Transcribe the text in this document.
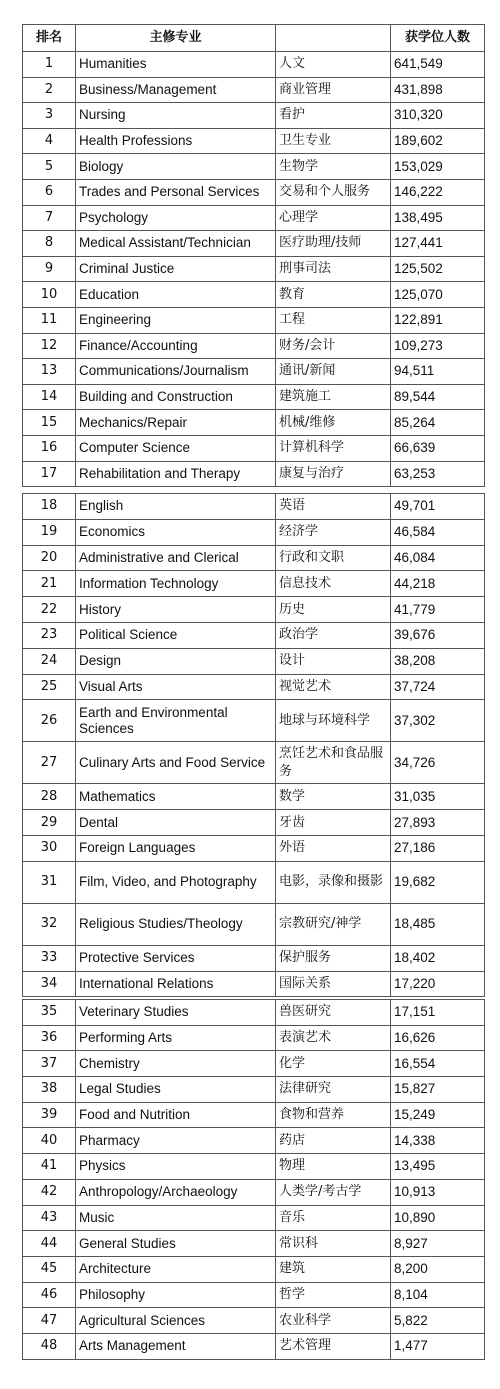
排名	主修专业		获学位人数
1	Humanities	人文	641,549
2	Business/Management	商业管理	431,898
3	Nursing	看护	310,320
4	Health Professions	卫生专业	189,602
5	Biology	生物学	153,029
6	Trades and Personal Services	交易和个人服务	146,222
7	Psychology	心理学	138,495
8	Medical Assistant/Technician	医疗助理/技师	127,441
9	Criminal Justice	刑事司法	125,502
10	Education	教育	125,070
11	Engineering	工程	122,891
12	Finance/Accounting	财务/会计	109,273
13	Communications/Journalism	通讯/新闻	94,511
14	Building and Construction	建筑施工	89,544
15	Mechanics/Repair	机械/维修	85,264
16	Computer Science	计算机科学	66,639
17	Rehabilitation and Therapy	康复与治疗	63,253
18	English	英语	49,701
19	Economics	经济学	46,584
20	Administrative and Clerical	行政和文职	46,084
21	Information Technology	信息技术	44,218
22	History	历史	41,779
23	Political Science	政治学	39,676
24	Design	设计	38,208
25	Visual Arts	视觉艺术	37,724
26	Earth and Environmental Sciences	地球与环境科学	37,302
27	Culinary Arts and Food Service	烹饪艺术和食品服务	34,726
28	Mathematics	数学	31,035
29	Dental	牙齿	27,893
30	Foreign Languages	外语	27,186
31	Film, Video, and Photography	电影，录像和摄影	19,682
32	Religious Studies/Theology	宗教研究/神学	18,485
33	Protective Services	保护服务	18,402
34	International Relations	国际关系	17,220
35	Veterinary Studies	兽医研究	17,151
36	Performing Arts	表演艺术	16,626
37	Chemistry	化学	16,554
38	Legal Studies	法律研究	15,827
39	Food and Nutrition	食物和营养	15,249
40	Pharmacy	药店	14,338
41	Physics	物理	13,495
42	Anthropology/Archaeology	人类学/考古学	10,913
43	Music	音乐	10,890
44	General Studies	常识科	8,927
45	Architecture	建筑	8,200
46	Philosophy	哲学	8,104
47	Agricultural Sciences	农业科学	5,822
48	Arts Management	艺术管理	1,477
